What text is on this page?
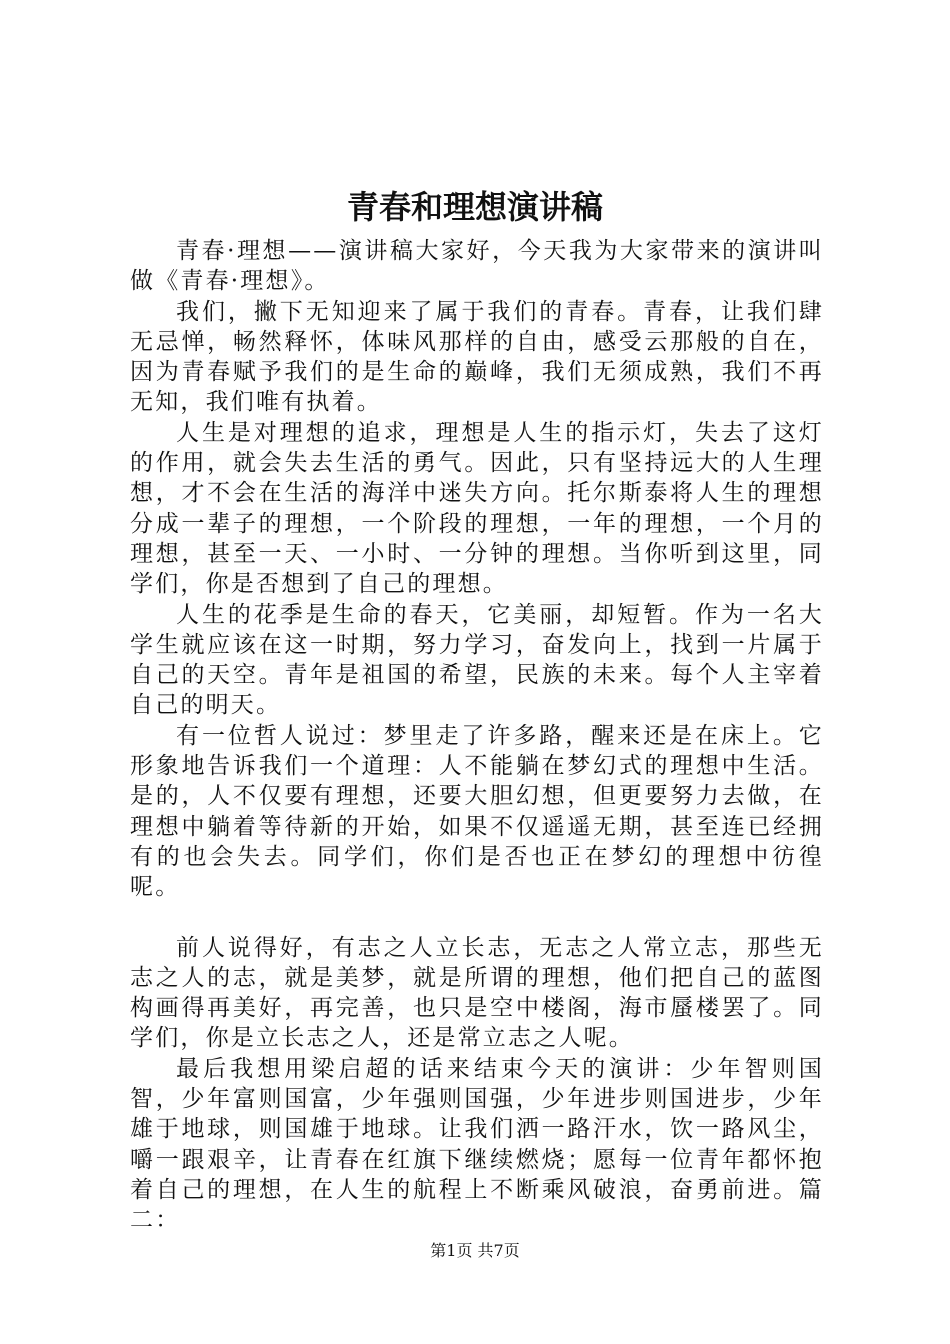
青春和理想演讲稿

青春·理想——演讲稿大家好，今天我为大家带来的演讲叫做《青春·理想》。

我们，撇下无知迎来了属于我们的青春。青春，让我们肆无忌惮，畅然释怀，体味风那样的自由，感受云那般的自在，因为青春赋予我们的是生命的巅峰，我们无须成熟，我们不再无知，我们唯有执着。

人生是对理想的追求，理想是人生的指示灯，失去了这灯的作用，就会失去生活的勇气。因此，只有坚持远大的人生理想，才不会在生活的海洋中迷失方向。托尔斯泰将人生的理想分成一辈子的理想，一个阶段的理想，一年的理想，一个月的理想，甚至一天、一小时、一分钟的理想。当你听到这里，同学们，你是否想到了自己的理想。

人生的花季是生命的春天，它美丽，却短暂。作为一名大学生就应该在这一时期，努力学习，奋发向上，找到一片属于自己的天空。青年是祖国的希望，民族的未来。每个人主宰着自己的明天。

有一位哲人说过：梦里走了许多路，醒来还是在床上。它形象地告诉我们一个道理：人不能躺在梦幻式的理想中生活。是的，人不仅要有理想，还要大胆幻想，但更要努力去做，在理想中躺着等待新的开始，如果不仅遥遥无期，甚至连已经拥有的也会失去。同学们，你们是否也正在梦幻的理想中彷徨呢。

前人说得好，有志之人立长志，无志之人常立志，那些无志之人的志，就是美梦，就是所谓的理想，他们把自己的蓝图构画得再美好，再完善，也只是空中楼阁，海市蜃楼罢了。同学们，你是立长志之人，还是常立志之人呢。

最后我想用梁启超的话来结束今天的演讲：少年智则国智，少年富则国富，少年强则国强，少年进步则国进步，少年雄于地球，则国雄于地球。让我们洒一路汗水，饮一路风尘，嚼一跟艰辛，让青春在红旗下继续燃烧；愿每一位青年都怀抱着自己的理想，在人生的航程上不断乘风破浪，奋勇前进。篇二：

第1页 共7页
